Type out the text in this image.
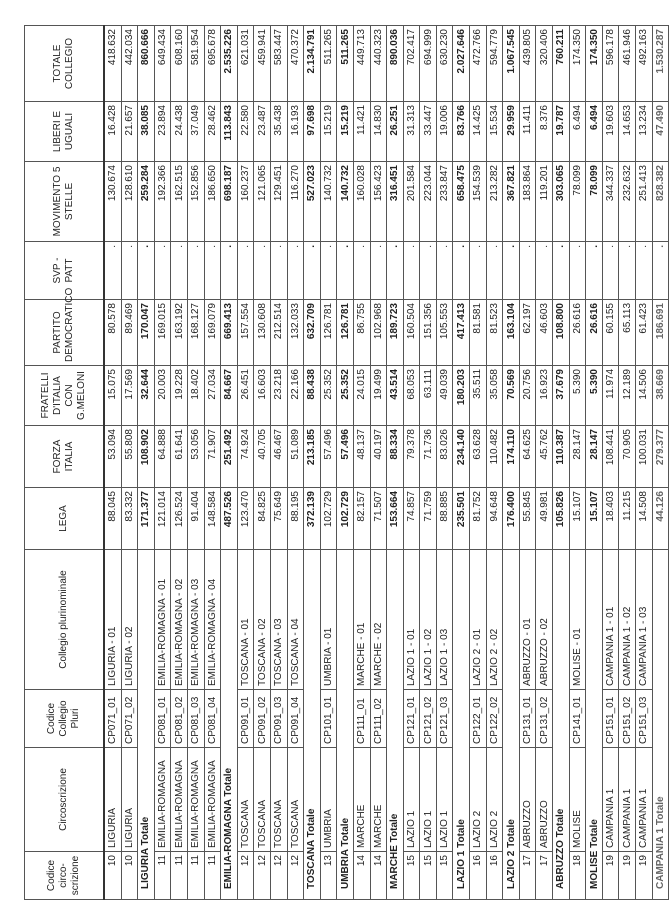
Codice circo-scrizione	Circoscrizione	Codice Collegio Pluri	Collegio plurinominale	LEGA	FORZA ITALIA	FRATELLI D'ITALIA CON G.MELONI	PARTITO DEMOCRATICO	SVP - PATT	MOVIMENTO 5 STELLE	LIBERI E UGUALI	TOTALE COLLEGIO
10	LIGURIA	CP071_01	LIGURIA - 01	88.045	53.094	15.075	80.578	.	130.674	16.428	418.632
10	LIGURIA	CP071_02	LIGURIA - 02	83.332	55.808	17.569	89.469	.	128.610	21.657	442.034
LIGURIA Totale				171.377	108.902	32.644	170.047	.	259.284	38.085	860.666
11	EMILIA-ROMAGNA	CP081_01	EMILIA-ROMAGNA - 01	121.014	64.888	20.003	169.015	.	192.366	23.894	649.434
11	EMILIA-ROMAGNA	CP081_02	EMILIA-ROMAGNA - 02	126.524	61.641	19.228	163.192	.	162.515	24.438	608.160
11	EMILIA-ROMAGNA	CP081_03	EMILIA-ROMAGNA - 03	91.404	53.056	18.402	168.127	.	152.856	37.049	581.954
11	EMILIA-ROMAGNA	CP081_04	EMILIA-ROMAGNA - 04	148.584	71.907	27.034	169.079	.	186.650	28.462	695.678
EMILIA-ROMAGNA Totale				487.526	251.492	84.667	669.413	.	698.187	113.843	2.535.226
12	TOSCANA	CP091_01	TOSCANA - 01	123.470	74.924	26.451	157.554	.	160.237	22.580	621.031
12	TOSCANA	CP091_02	TOSCANA - 02	84.825	40.705	16.603	130.608	.	121.065	23.487	459.941
12	TOSCANA	CP091_03	TOSCANA - 03	75.649	46.467	23.218	212.514	.	129.451	35.438	583.447
12	TOSCANA	CP091_04	TOSCANA - 04	88.195	51.089	22.166	132.033	.	116.270	16.193	470.372
TOSCANA Totale				372.139	213.185	88.438	632.709	.	527.023	97.698	2.134.791
13	UMBRIA	CP101_01	UMBRIA - 01	102.729	57.496	25.352	126.781	.	140.732	15.219	511.265
UMBRIA Totale				102.729	57.496	25.352	126.781	.	140.732	15.219	511.265
14	MARCHE	CP111_01	MARCHE - 01	82.157	48.137	24.015	86.755	.	160.028	11.421	449.713
14	MARCHE	CP111_02	MARCHE - 02	71.507	40.197	19.499	102.968	.	156.423	14.830	440.323
MARCHE Totale				153.664	88.334	43.514	189.723	.	316.451	26.251	890.036
15	LAZIO 1	CP121_01	LAZIO 1 - 01	74.857	79.378	68.053	160.504	.	201.584	31.313	702.417
15	LAZIO 1	CP121_02	LAZIO 1 - 02	71.759	71.736	63.111	151.356	.	223.044	33.447	694.999
15	LAZIO 1	CP121_03	LAZIO 1 - 03	88.885	83.026	49.039	105.553	.	233.847	19.006	630.230
LAZIO 1 Totale				235.501	234.140	180.203	417.413	.	658.475	83.766	2.027.646
16	LAZIO 2	CP122_01	LAZIO 2 - 01	81.752	63.628	35.511	81.581	.	154.539	14.425	472.766
16	LAZIO 2	CP122_02	LAZIO 2 - 02	94.648	110.482	35.058	81.523	.	213.282	15.534	594.779
LAZIO 2 Totale				176.400	174.110	70.569	163.104	.	367.821	29.959	1.067.545
17	ABRUZZO	CP131_01	ABRUZZO - 01	55.845	64.625	20.756	62.197	.	183.864	11.411	439.805
17	ABRUZZO	CP131_02	ABRUZZO - 02	49.981	45.762	16.923	46.603	.	119.201	8.376	320.406
ABRUZZO Totale				105.826	110.387	37.679	108.800	.	303.065	19.787	760.211
18	MOLISE	CP141_01	MOLISE - 01	15.107	28.147	5.390	26.616	.	78.099	6.494	174.350
MOLISE Totale				15.107	28.147	5.390	26.616	.	78.099	6.494	174.350
19	CAMPANIA 1	CP151_01	CAMPANIA 1 - 01	18.403	108.441	11.974	60.155	.	344.337	19.603	596.178
19	CAMPANIA 1	CP151_02	CAMPANIA 1 - 02	11.215	70.905	12.189	65.113	.	232.632	14.653	461.946
19	CAMPANIA 1	CP151_03	CAMPANIA 1 - 03	14.508	100.031	14.506	61.423	.	251.413	13.234	492.163
CAMPANIA 1 Totale				44.126	279.377	38.669	186.691	.	828.382	47.490	1.530.287
